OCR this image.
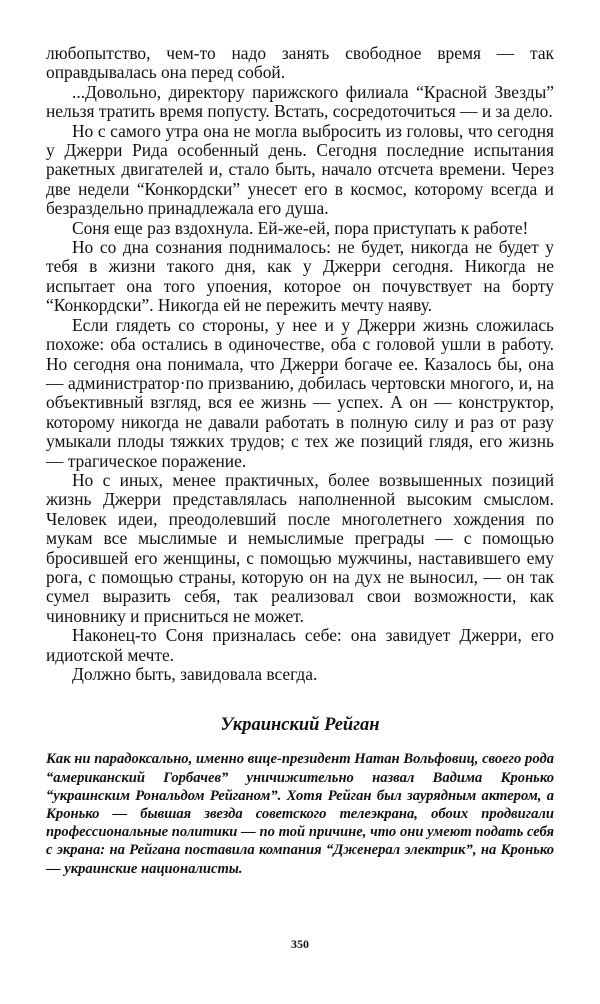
любопытство, чем-то надо занять свободное время — так оправдывалась она перед собой.

...Довольно, директору парижского филиала “Красной Звезды” нельзя тратить время попусту. Встать, сосредоточиться — и за дело.

Но с самого утра она не могла выбросить из головы, что сегодня у Джерри Рида особенный день. Сегодня последние испытания ракетных двигателей и, стало быть, начало отсчета времени. Через две недели “Конкордски” унесет его в космос, которому всегда и безраздельно принадлежала его душа.

Соня еще раз вздохнула. Ей-же-ей, пора приступать к работе!

Но со дна сознания поднималось: не будет, никогда не будет у тебя в жизни такого дня, как у Джерри сегодня. Никогда не испытает она того упоения, которое он почувствует на борту “Конкордски”. Никогда ей не пережить мечту наяву.

Если глядеть со стороны, у нее и у Джерри жизнь сложилась похоже: оба остались в одиночестве, оба с головой ушли в работу. Но сегодня она понимала, что Джерри богаче ее. Казалось бы, она — администратор·по призванию, добилась чертовски многого, и, на объективный взгляд, вся ее жизнь — успех. А он — конструктор, которому никогда не давали работать в полную силу и раз от разу умыкали плоды тяжких трудов; с тех же позиций глядя, его жизнь — трагическое поражение.

Но с иных, менее практичных, более возвышенных позиций жизнь Джерри представлялась наполненной высоким смыслом. Человек идеи, преодолевший после многолетнего хождения по мукам все мыслимые и немыслимые преграды — с помощью бросившей его женщины, с помощью мужчины, наставившего ему рога, с помощью страны, которую он на дух не выносил, — он так сумел выразить себя, так реализовал свои возможности, как чиновнику и присниться не может.

Наконец-то Соня призналась себе: она завидует Джерри, его идиотской мечте.

Должно быть, завидовала всегда.

Украинский Рейган

Как ни парадоксально, именно вице-президент Натан Вольфовиц, своего рода “американский Горбачев” уничижительно назвал Вадима Кронько “украинским Рональдом Рейганом”. Хотя Рейган был заурядным актером, а Кронько — бывшая звезда советского телеэкрана, обоих продвигали профессиональные политики — по той причине, что они умеют подать себя с экрана: на Рейгана поставила компания “Дженерал электрик”, на Кронько — украинские националисты.

350
